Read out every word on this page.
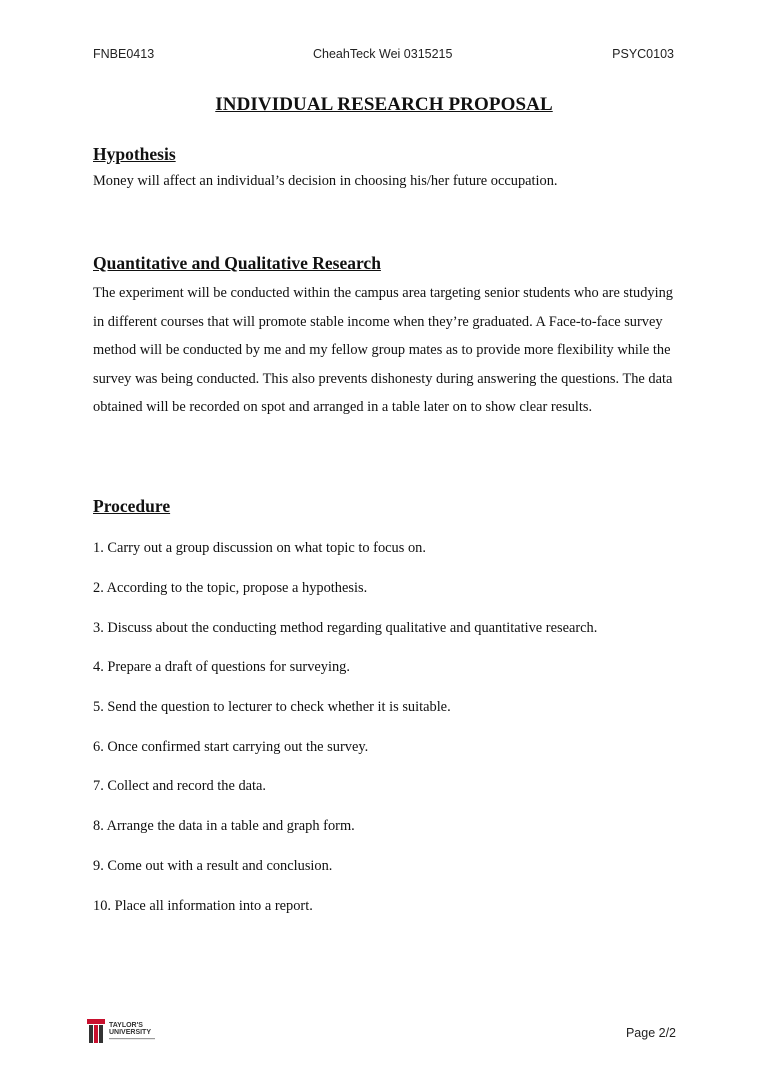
FNBE0413	CheahTeck Wei 0315215	PSYC0103
INDIVIDUAL RESEARCH PROPOSAL
Hypothesis
Money will affect an individual’s decision in choosing his/her future occupation.
Quantitative and Qualitative Research
The experiment will be conducted within the campus area targeting senior students who are studying in different courses that will promote stable income when they’re graduated. A Face-to-face survey method will be conducted by me and my fellow group mates as to provide more flexibility while the survey was being conducted. This also prevents dishonesty during answering the questions. The data obtained will be recorded on spot and arranged in a table later on to show clear results.
Procedure
1. Carry out a group discussion on what topic to focus on.
2. According to the topic, propose a hypothesis.
3. Discuss about the conducting method regarding qualitative and quantitative research.
4. Prepare a draft of questions for surveying.
5. Send the question to lecturer to check whether it is suitable.
6. Once confirmed start carrying out the survey.
7. Collect and record the data.
8. Arrange the data in a table and graph form.
9. Come out with a result and conclusion.
10. Place all information into a report.
TAYLOR'S
UNIVERSITY	Page 2/2
